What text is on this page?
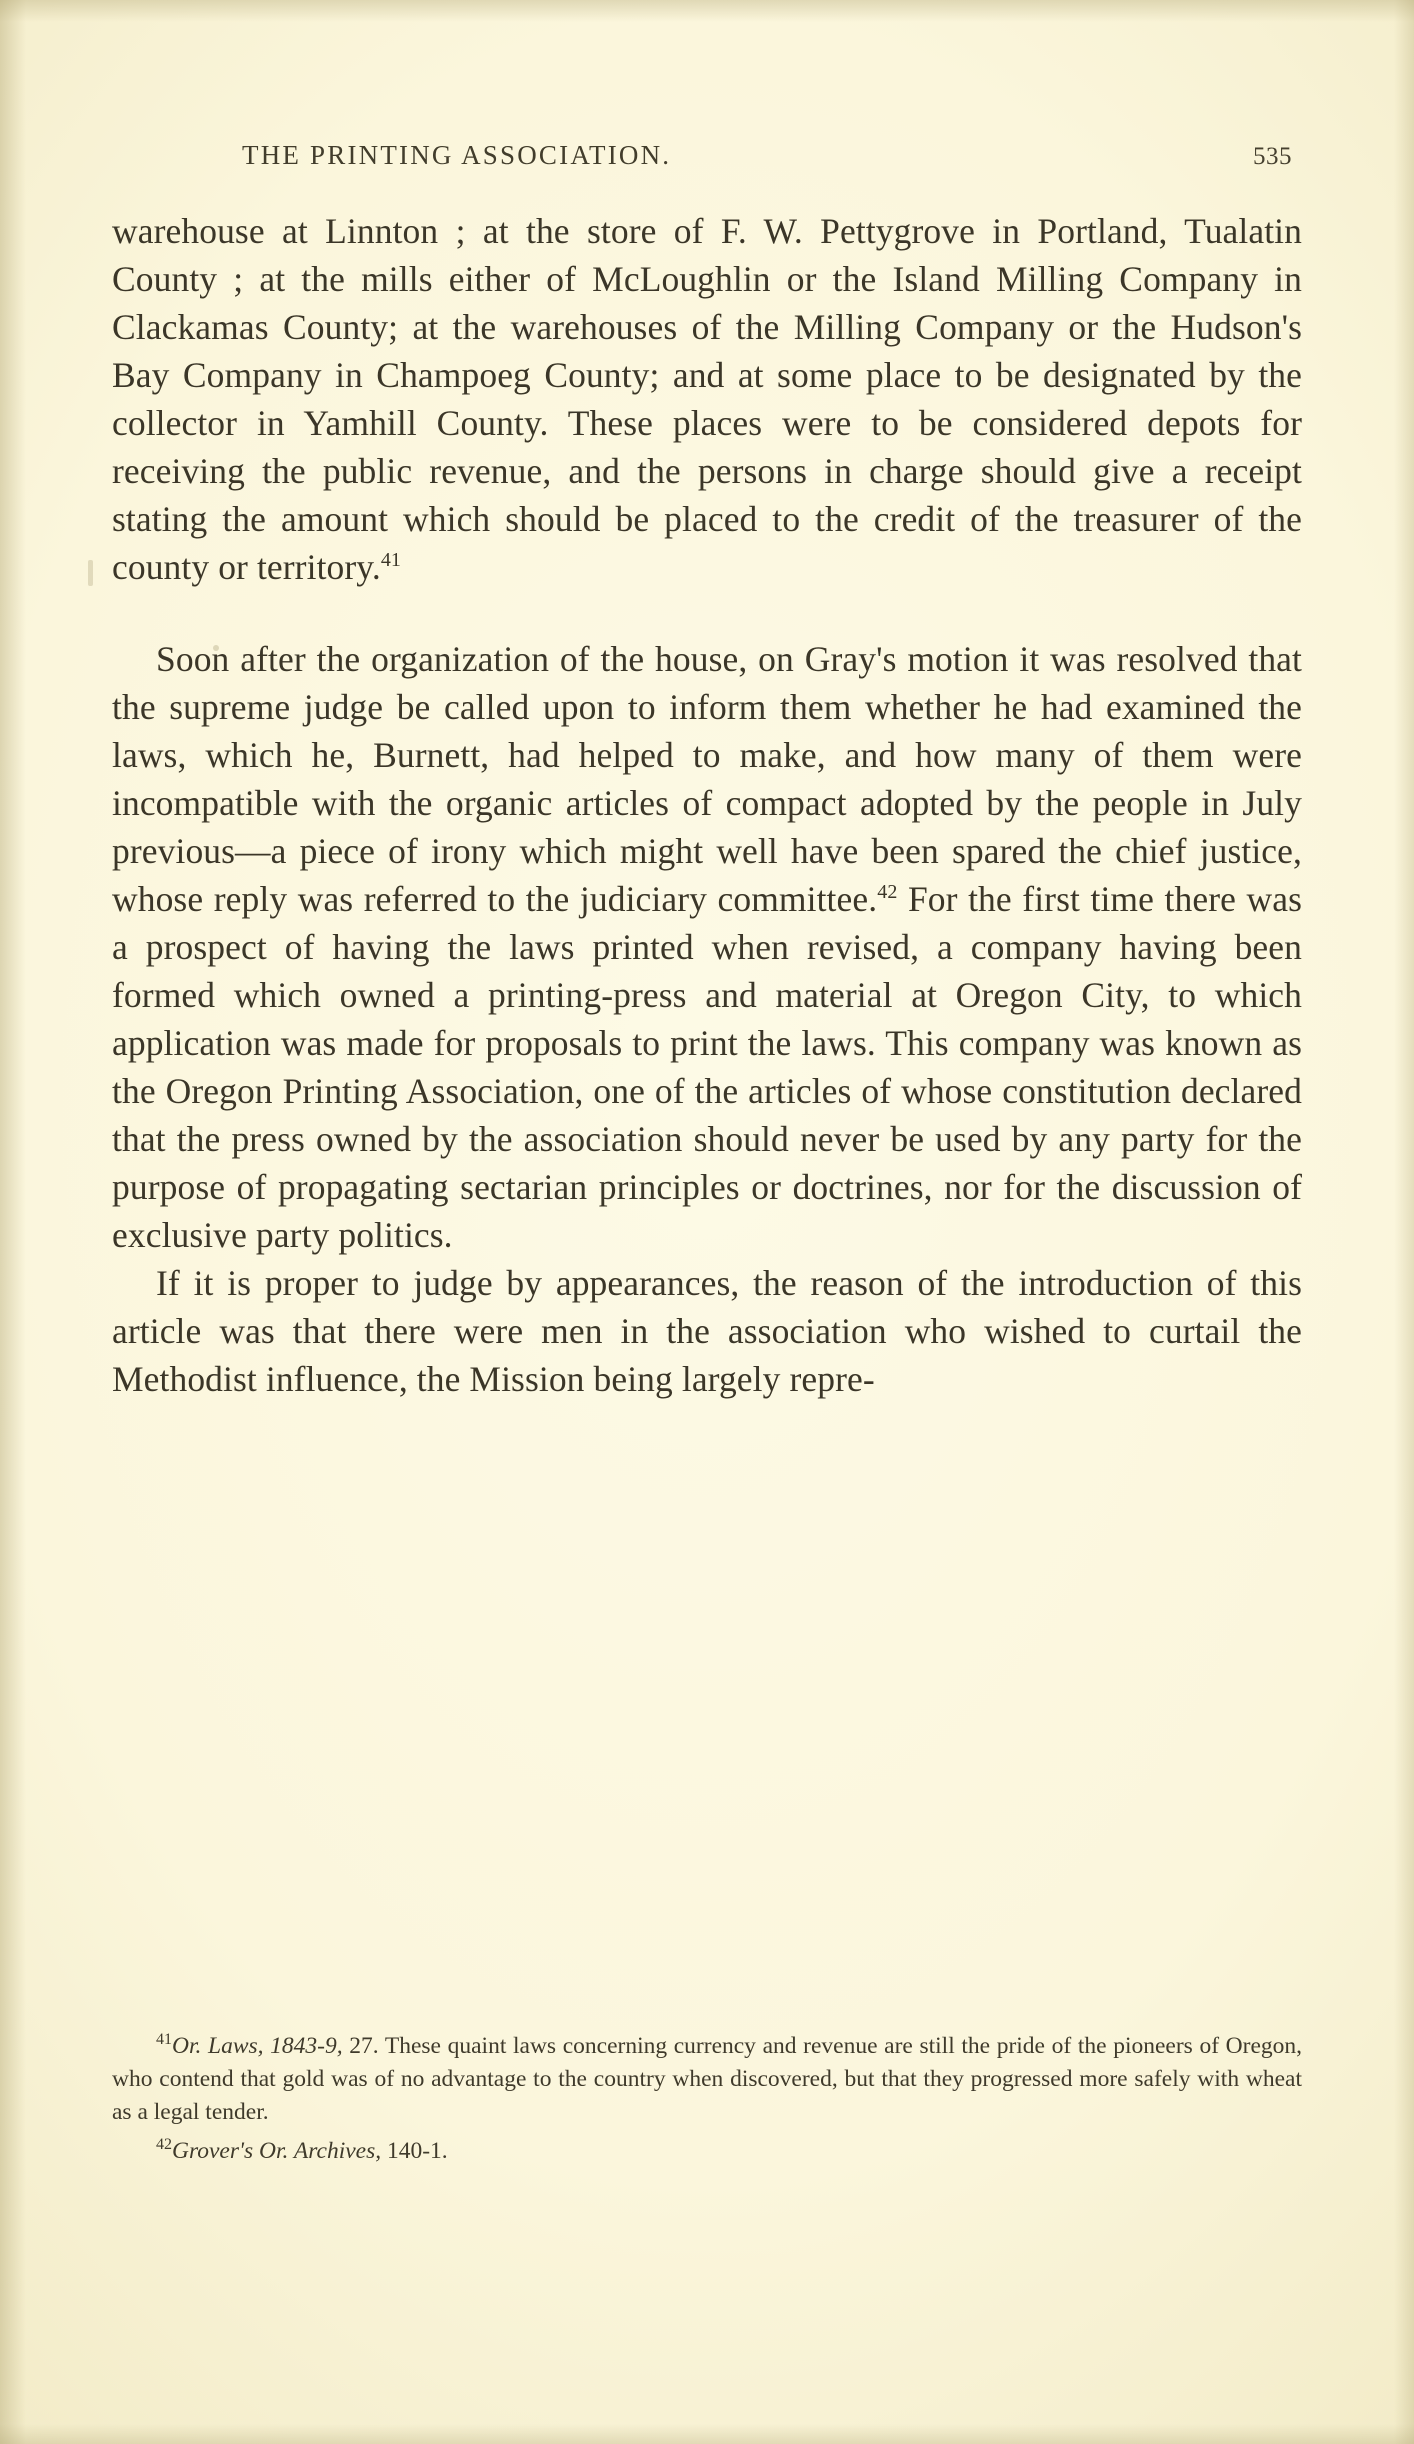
THE PRINTING ASSOCIATION.	535

warehouse at Linnton ; at the store of F. W. Pettygrove in Portland, Tualatin County ; at the mills either of McLoughlin or the Island Milling Company in Clackamas County; at the warehouses of the Milling Company or the Hudson's Bay Company in Champoeg County; and at some place to be designated by the collector in Yamhill County. These places were to be considered depots for receiving the public revenue, and the persons in charge should give a receipt stating the amount which should be placed to the credit of the treasurer of the county or territory.$^{41}$

Soon after the organization of the house, on Gray's motion it was resolved that the supreme judge be called upon to inform them whether he had examined the laws, which he, Burnett, had helped to make, and how many of them were incompatible with the organic articles of compact adopted by the people in July previous—a piece of irony which might well have been spared the chief justice, whose reply was referred to the judiciary committee.$^{42}$ For the first time there was a prospect of having the laws printed when revised, a company having been formed which owned a printing-press and material at Oregon City, to which application was made for proposals to print the laws. This company was known as the Oregon Printing Association, one of the articles of whose constitution declared that the press owned by the association should never be used by any party for the purpose of propagating sectarian principles or doctrines, nor for the discussion of exclusive party politics.

If it is proper to judge by appearances, the reason of the introduction of this article was that there were men in the association who wished to curtail the Methodist influence, the Mission being largely repre-

$^{41}$Or. Laws, 1843-9, 27. These quaint laws concerning currency and revenue are still the pride of the pioneers of Oregon, who contend that gold was of no advantage to the country when discovered, but that they progressed more safely with wheat as a legal tender.
$^{42}$Grover's Or. Archives, 140-1.
